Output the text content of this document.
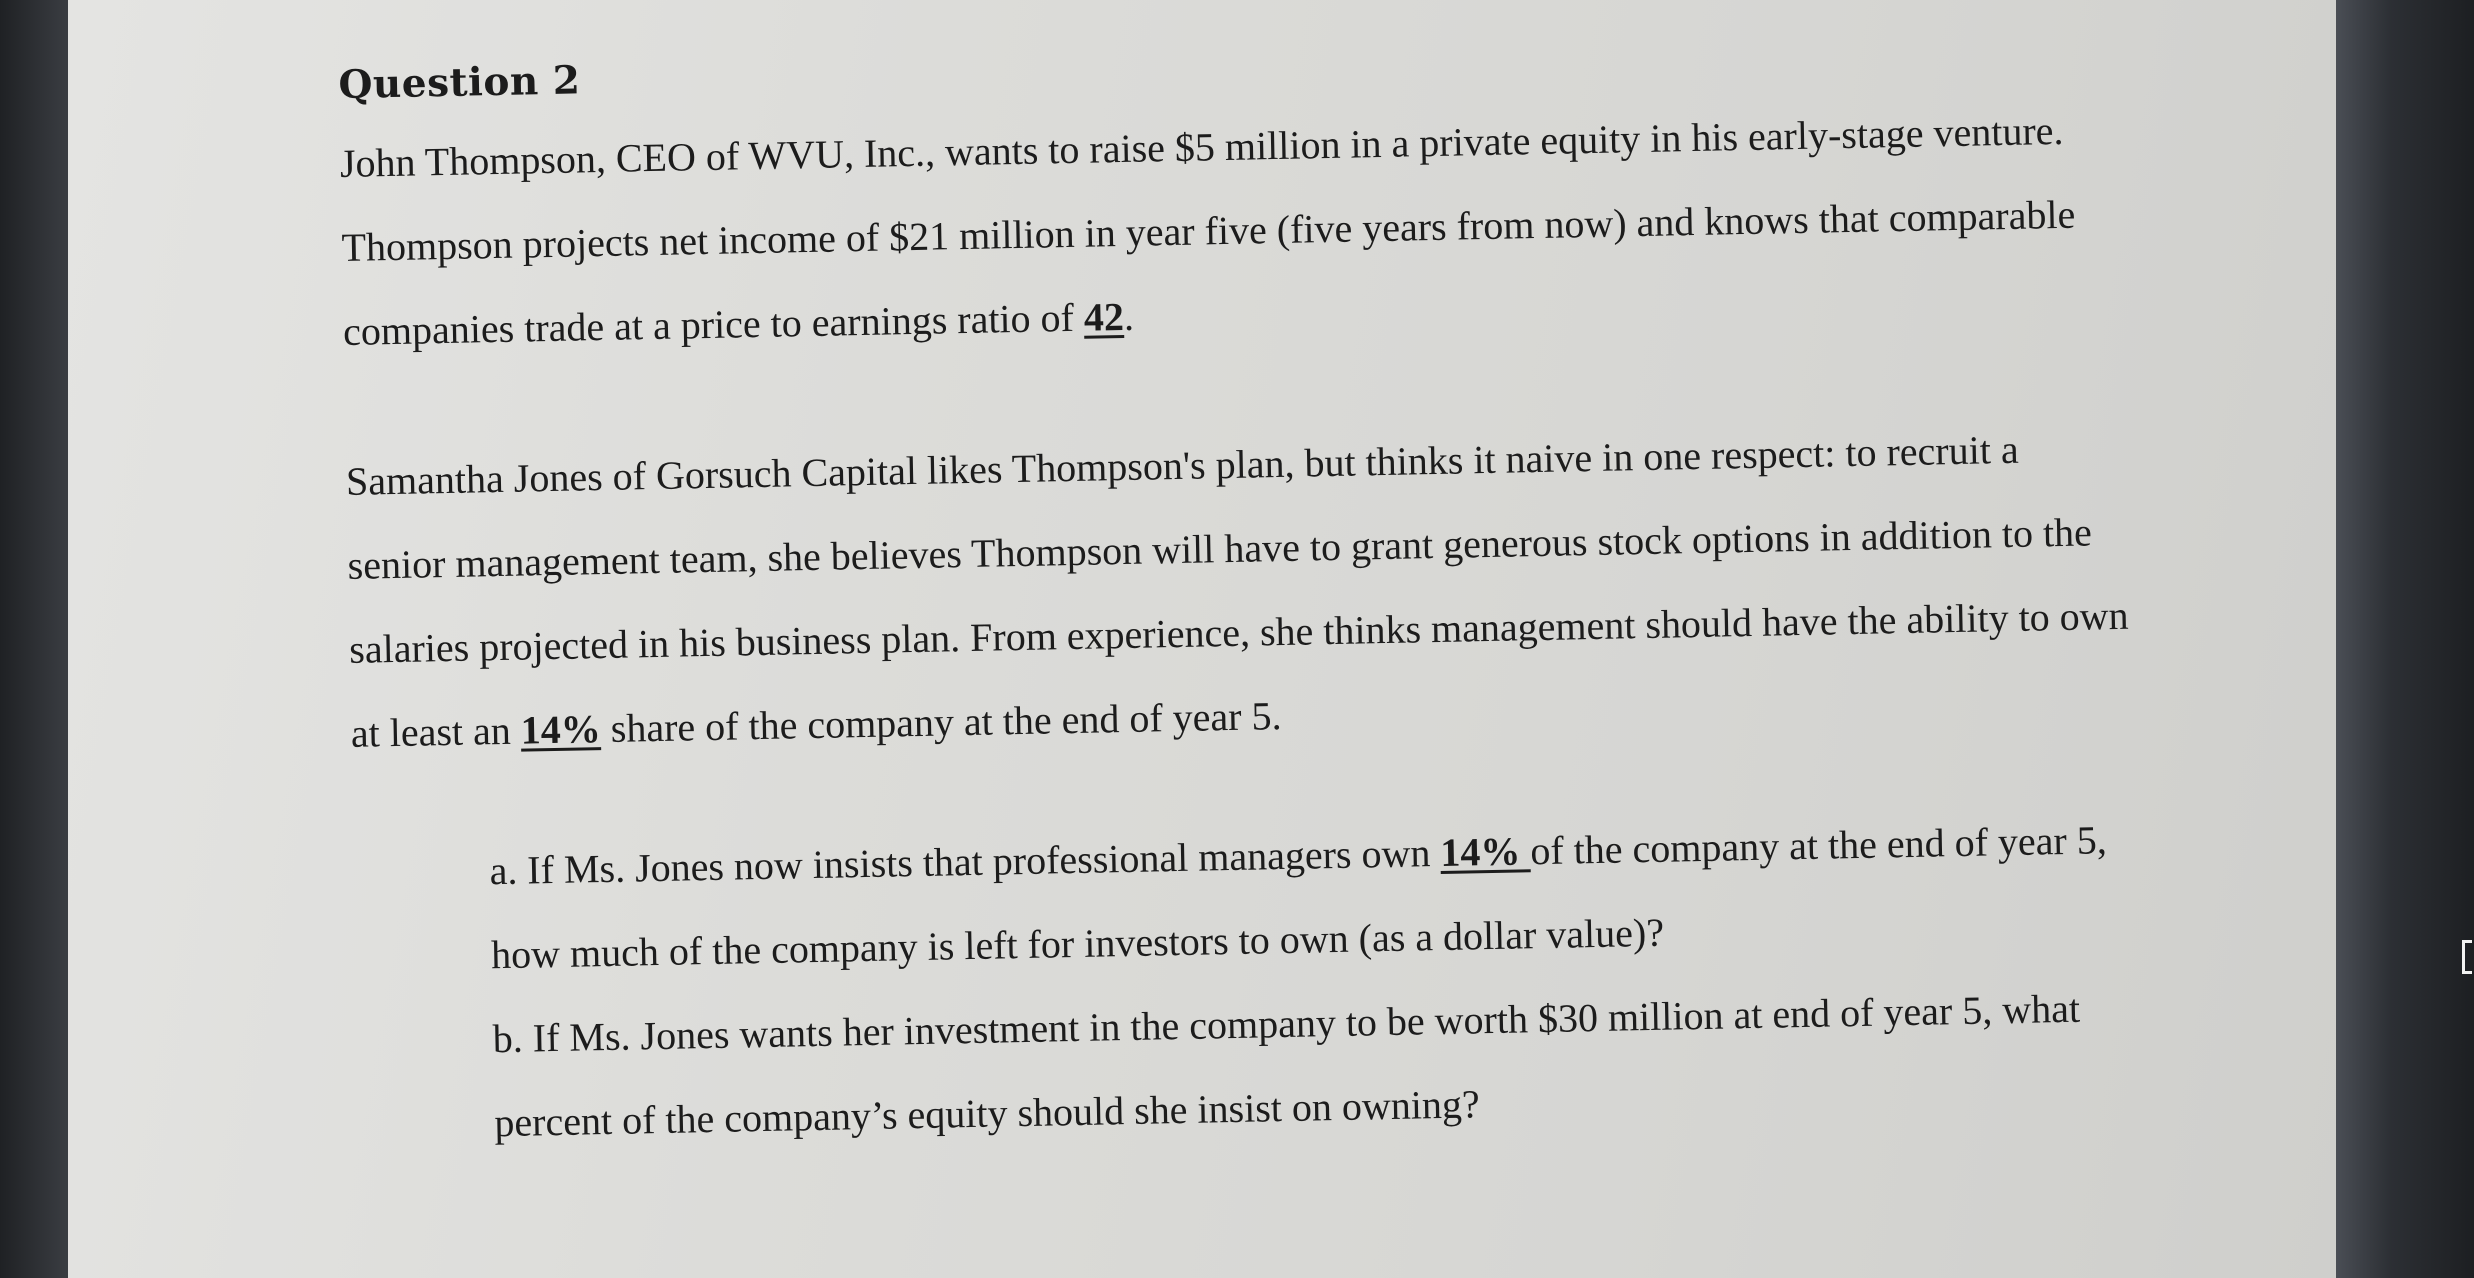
Question 2

John Thompson, CEO of WVU, Inc., wants to raise $5 million in a private equity in his early-stage venture. Thompson projects net income of $21 million in year five (five years from now) and knows that comparable companies trade at a price to earnings ratio of 42.

Samantha Jones of Gorsuch Capital likes Thompson's plan, but thinks it naive in one respect: to recruit a senior management team, she believes Thompson will have to grant generous stock options in addition to the salaries projected in his business plan. From experience, she thinks management should have the ability to own at least an 14% share of the company at the end of year 5.

a. If Ms. Jones now insists that professional managers own 14% of the company at the end of year 5, how much of the company is left for investors to own (as a dollar value)?

b. If Ms. Jones wants her investment in the company to be worth $30 million at end of year 5, what percent of the company’s equity should she insist on owning?
